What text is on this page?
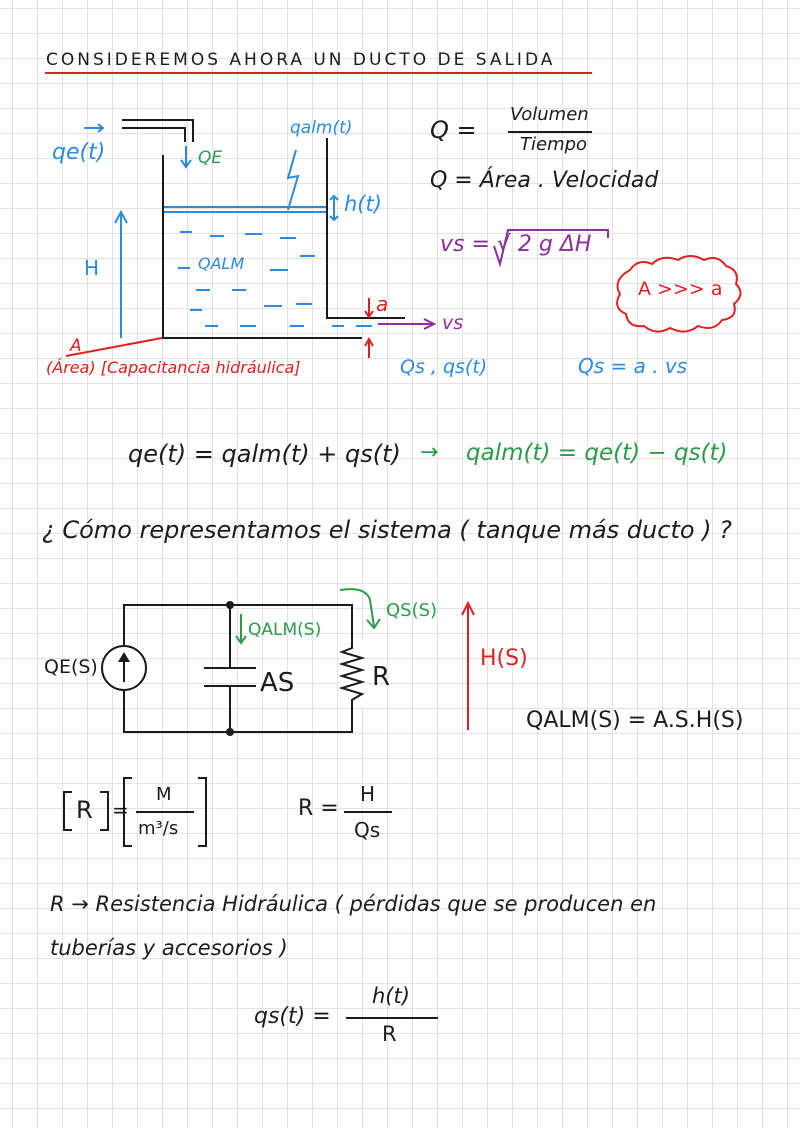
CONSIDEREMOS AHORA UN DUCTO DE SALIDA
qe(t)	QE
qalm(t)
h(t)
H	QALM
a
vs
A
(Área) [Capacitancia hidráulica]	Qs , qs(t)
Q =
Volumen
Tiempo
Q = Área . Velocidad
vs = √ 2 g ΔH
A >>> a
Qs = a . vs
qe(t) = qalm(t) + qs(t) → qalm(t) = qe(t) − qs(t)
¿ Cómo representamos el sistema ( tanque más ducto ) ?
QE(S)
QALM(S)
QS(S)
AS	R
H(S)
QALM(S) = A.S.H(S)
R =
M
m³/s
R =
H
Qs
R → Resistencia Hidráulica ( pérdidas que se producen en
tuberías y accesorios )
qs(t) =
h(t)
R
